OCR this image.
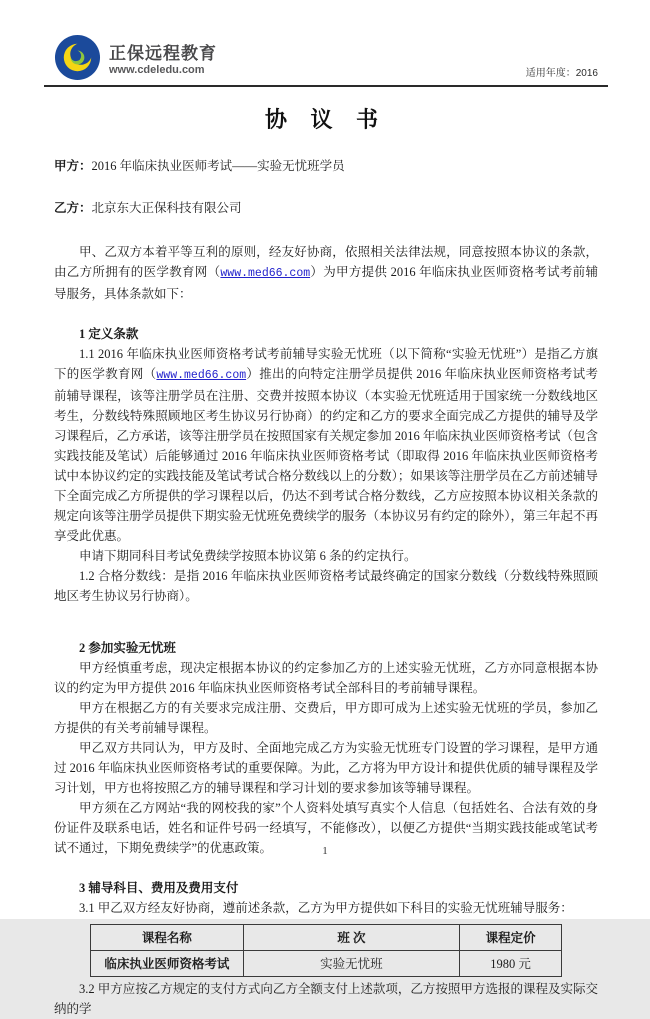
正保远程教育
www.cdeledu.com	适用年度：2016
协 议 书

甲方：2016 年临床执业医师考试——实验无忧班学员

乙方：北京东大正保科技有限公司

甲、乙双方本着平等互利的原则，经友好协商，依照相关法律法规，同意按照本协议的条款，由乙方所拥有的医学教育网（www.med66.com）为甲方提供 2016 年临床执业医师资格考试考前辅导服务，具体条款如下：

1 定义条款

1.1 2016 年临床执业医师资格考试考前辅导实验无忧班（以下简称“实验无忧班”）是指乙方旗下的医学教育网（www.med66.com）推出的向特定注册学员提供 2016 年临床执业医师资格考试考前辅导课程，该等注册学员在注册、交费并按照本协议（本实验无忧班适用于国家统一分数线地区考生，分数线特殊照顾地区考生协议另行协商）的约定和乙方的要求全面完成乙方提供的辅导及学习课程后，乙方承诺，该等注册学员在按照国家有关规定参加 2016 年临床执业医师资格考试（包含实践技能及笔试）后能够通过 2016 年临床执业医师资格考试（即取得 2016 年临床执业医师资格考试中本协议约定的实践技能及笔试考试合格分数线以上的分数）；如果该等注册学员在乙方前述辅导下全面完成乙方所提供的学习课程以后，仍达不到考试合格分数线，乙方应按照本协议相关条款的规定向该等注册学员提供下期实验无忧班免费续学的服务（本协议另有约定的除外），第三年起不再享受此优惠。

申请下期同科目考试免费续学按照本协议第 6 条的约定执行。

1.2 合格分数线：是指 2016 年临床执业医师资格考试最终确定的国家分数线（分数线特殊照顾地区考生协议另行协商）。

2 参加实验无忧班

甲方经慎重考虑，现决定根据本协议的约定参加乙方的上述实验无忧班，乙方亦同意根据本协议的约定为甲方提供 2016 年临床执业医师资格考试全部科目的考前辅导课程。

甲方在根据乙方的有关要求完成注册、交费后，甲方即可成为上述实验无忧班的学员，参加乙方提供的有关考前辅导课程。

甲乙双方共同认为，甲方及时、全面地完成乙方为实验无忧班专门设置的学习课程，是甲方通过 2016 年临床执业医师资格考试的重要保障。为此，乙方将为甲方设计和提供优质的辅导课程及学习计划，甲方也将按照乙方的辅导课程和学习计划的要求参加该等辅导课程。

甲方须在乙方网站“我的网校我的家”个人资料处填写真实个人信息（包括姓名、合法有效的身份证件及联系电话，姓名和证件号码一经填写，不能修改），以便乙方提供“当期实践技能或笔试考试不通过，下期免费续学”的优惠政策。

3 辅导科目、费用及费用支付

3.1 甲乙双方经友好协商，遵前述条款，乙方为甲方提供如下科目的实验无忧班辅导服务：

课程名称	班 次	课程定价
临床执业医师资格考试	实验无忧班	1980 元

3.2 甲方应按乙方规定的支付方式向乙方全额支付上述款项，乙方按照甲方选报的课程及实际交纳的学

1
